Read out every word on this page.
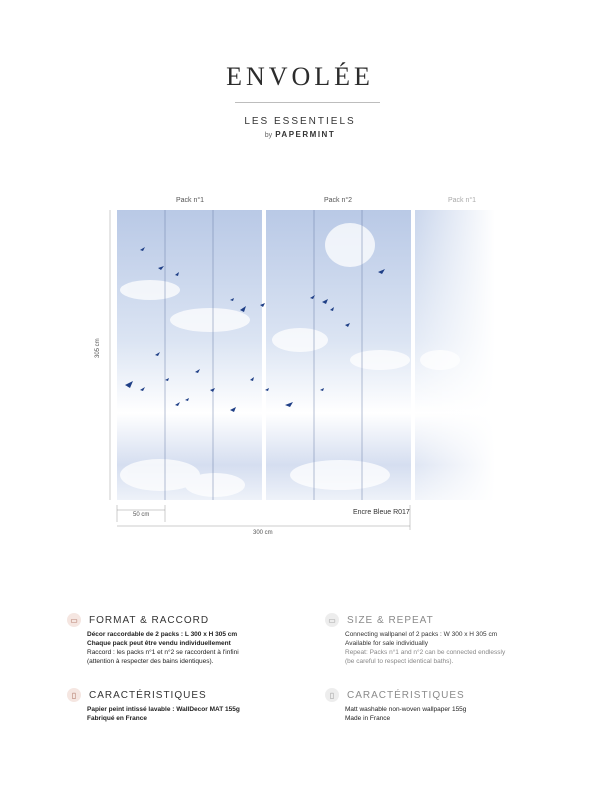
ENVOLÉE
LES ESSENTIELS
by PAPERMINT
Pack n°1	Pack n°2	Pack n°1
305 cm
50 cm
300 cm
Encre Bleue R017
▭	FORMAT & RACCORD
Décor raccordable de 2 packs : L 300 x H 305 cm
Chaque pack peut être vendu individuellement
Raccord : les packs n°1 et n°2 se raccordent à l'infini
(attention à respecter des bains identiques).
▭	SIZE & REPEAT
Connecting wallpanel of 2 packs : W 300 x H 305 cm
Available for sale individually
Repeat: Packs n°1 and n°2 can be connected endlessly
(be careful to respect identical baths).
▯	CARACTÉRISTIQUES
Papier peint intissé lavable : WallDecor MAT 155g
Fabriqué en France
▯	CARACTÉRISTIQUES
Matt washable non-woven wallpaper 155g
Made in France
